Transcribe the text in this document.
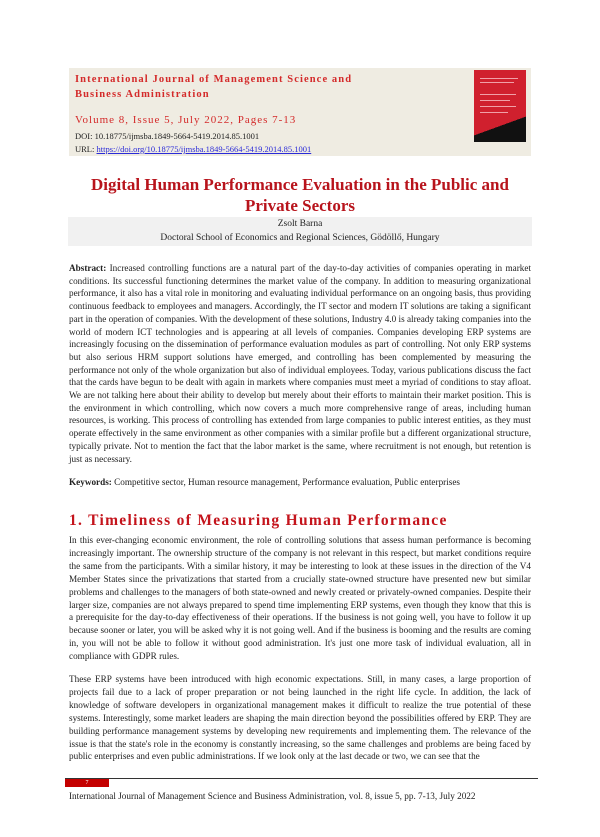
International Journal of Management Science and Business Administration
Volume 8, Issue 5, July 2022, Pages 7-13
DOI: 10.18775/ijmsba.1849-5664-5419.2014.85.1001
URL: https://doi.org/10.18775/ijmsba.1849-5664-5419.2014.85.1001
Digital Human Performance Evaluation in the Public and Private Sectors
Zsolt Barna
Doctoral School of Economics and Regional Sciences, Gödöllő, Hungary

Abstract: Increased controlling functions are a natural part of the day-to-day activities of companies operating in market conditions. Its successful functioning determines the market value of the company. In addition to measuring organizational performance, it also has a vital role in monitoring and evaluating individual performance on an ongoing basis, thus providing continuous feedback to employees and managers. Accordingly, the IT sector and modern IT solutions are taking a significant part in the operation of companies. With the development of these solutions, Industry 4.0 is already taking companies into the world of modern ICT technologies and is appearing at all levels of companies. Companies developing ERP systems are increasingly focusing on the dissemination of performance evaluation modules as part of controlling. Not only ERP systems but also serious HRM support solutions have emerged, and controlling has been complemented by measuring the performance not only of the whole organization but also of individual employees. Today, various publications discuss the fact that the cards have begun to be dealt with again in markets where companies must meet a myriad of conditions to stay afloat. We are not talking here about their ability to develop but merely about their efforts to maintain their market position. This is the environment in which controlling, which now covers a much more comprehensive range of areas, including human resources, is working. This process of controlling has extended from large companies to public interest entities, as they must operate effectively in the same environment as other companies with a similar profile but a different organizational structure, typically private. Not to mention the fact that the labor market is the same, where recruitment is not enough, but retention is just as necessary.

Keywords: Competitive sector, Human resource management, Performance evaluation, Public enterprises
1. Timeliness of Measuring Human Performance

In this ever-changing economic environment, the role of controlling solutions that assess human performance is becoming increasingly important. The ownership structure of the company is not relevant in this respect, but market conditions require the same from the participants. With a similar history, it may be interesting to look at these issues in the direction of the V4 Member States since the privatizations that started from a crucially state-owned structure have presented new but similar problems and challenges to the managers of both state-owned and newly created or privately-owned companies. Despite their larger size, companies are not always prepared to spend time implementing ERP systems, even though they know that this is a prerequisite for the day-to-day effectiveness of their operations. If the business is not going well, you have to follow it up because sooner or later, you will be asked why it is not going well. And if the business is booming and the results are coming in, you will not be able to follow it without good administration. It's just one more task of individual evaluation, all in compliance with GDPR rules.

These ERP systems have been introduced with high economic expectations. Still, in many cases, a large proportion of projects fail due to a lack of proper preparation or not being launched in the right life cycle. In addition, the lack of knowledge of software developers in organizational management makes it difficult to realize the true potential of these systems. Interestingly, some market leaders are shaping the main direction beyond the possibilities offered by ERP. They are building performance management systems by developing new requirements and implementing them. The relevance of the issue is that the state's role in the economy is constantly increasing, so the same challenges and problems are being faced by public enterprises and even public administrations. If we look only at the last decade or two, we can see that the

7
International Journal of Management Science and Business Administration, vol. 8, issue 5, pp. 7-13, July 2022
